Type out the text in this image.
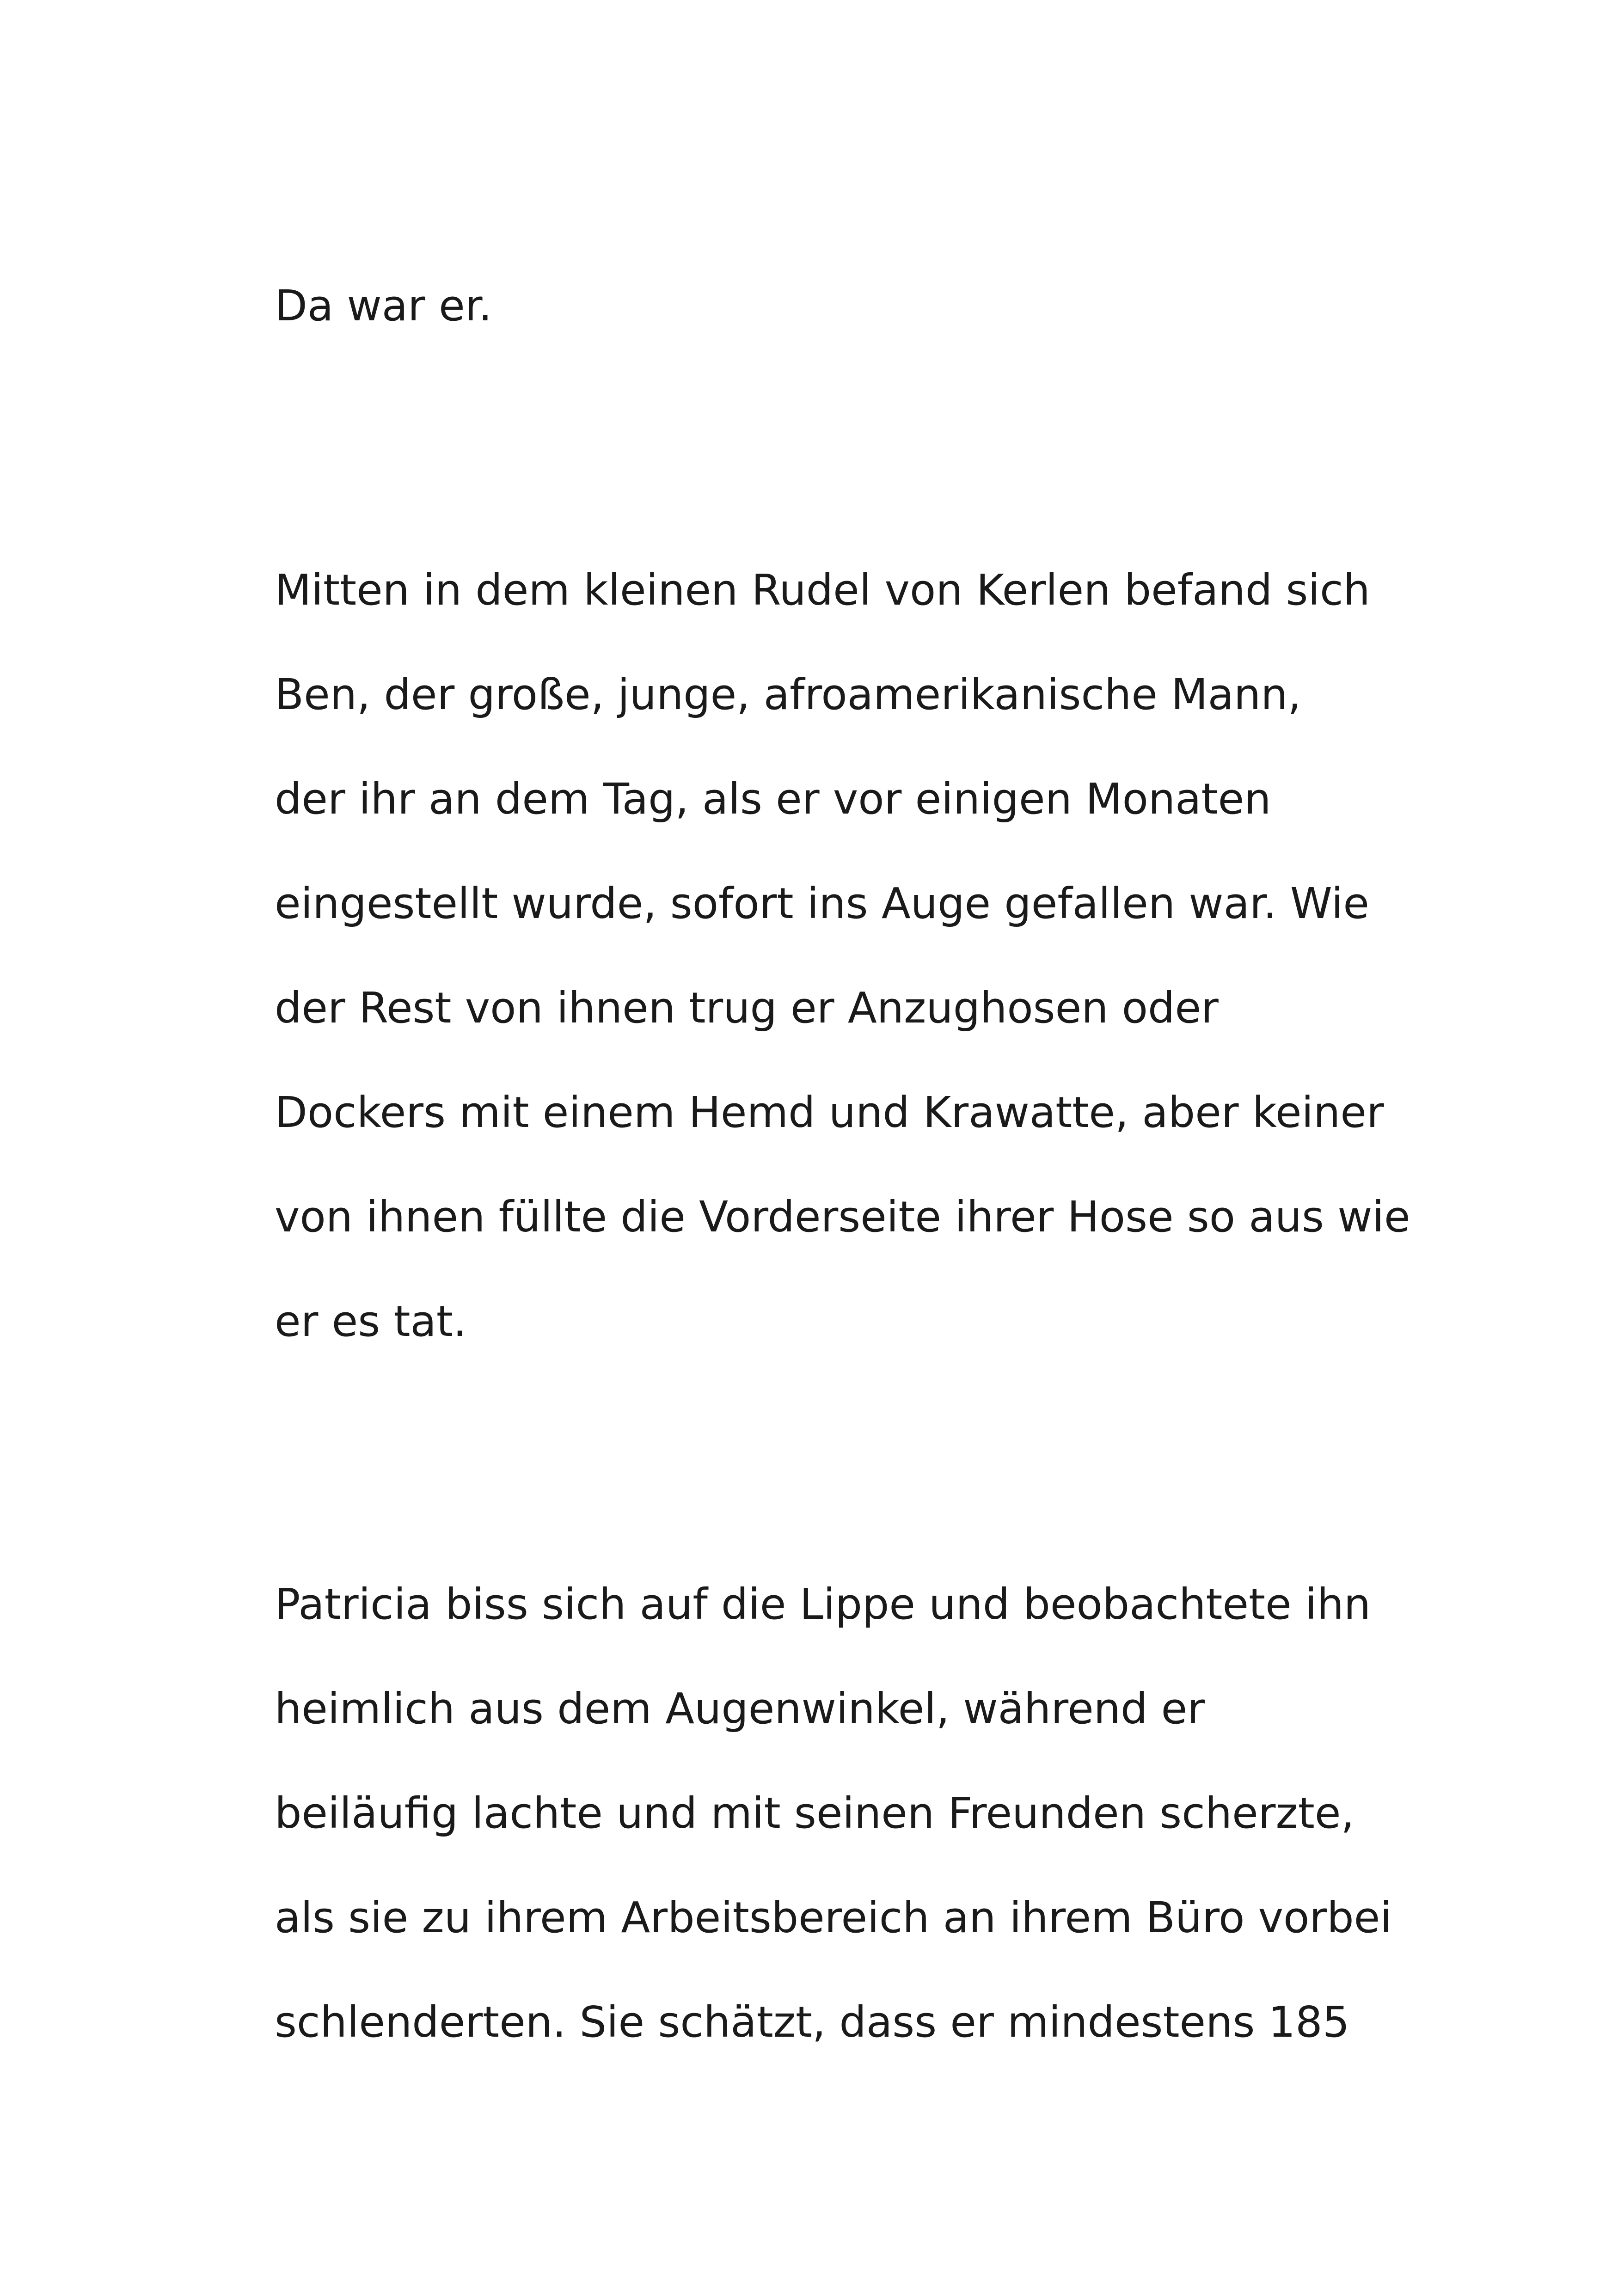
Da war er.

Mitten in dem kleinen Rudel von Kerlen befand sich

Ben, der große, junge, afroamerikanische Mann,

der ihr an dem Tag, als er vor einigen Monaten

eingestellt wurde, sofort ins Auge gefallen war. Wie

der Rest von ihnen trug er Anzughosen oder

Dockers mit einem Hemd und Krawatte, aber keiner

von ihnen füllte die Vorderseite ihrer Hose so aus wie

er es tat.

Patricia biss sich auf die Lippe und beobachtete ihn

heimlich aus dem Augenwinkel, während er

beiläufig lachte und mit seinen Freunden scherzte,

als sie zu ihrem Arbeitsbereich an ihrem Büro vorbei

schlenderten. Sie schätzt, dass er mindestens 185
